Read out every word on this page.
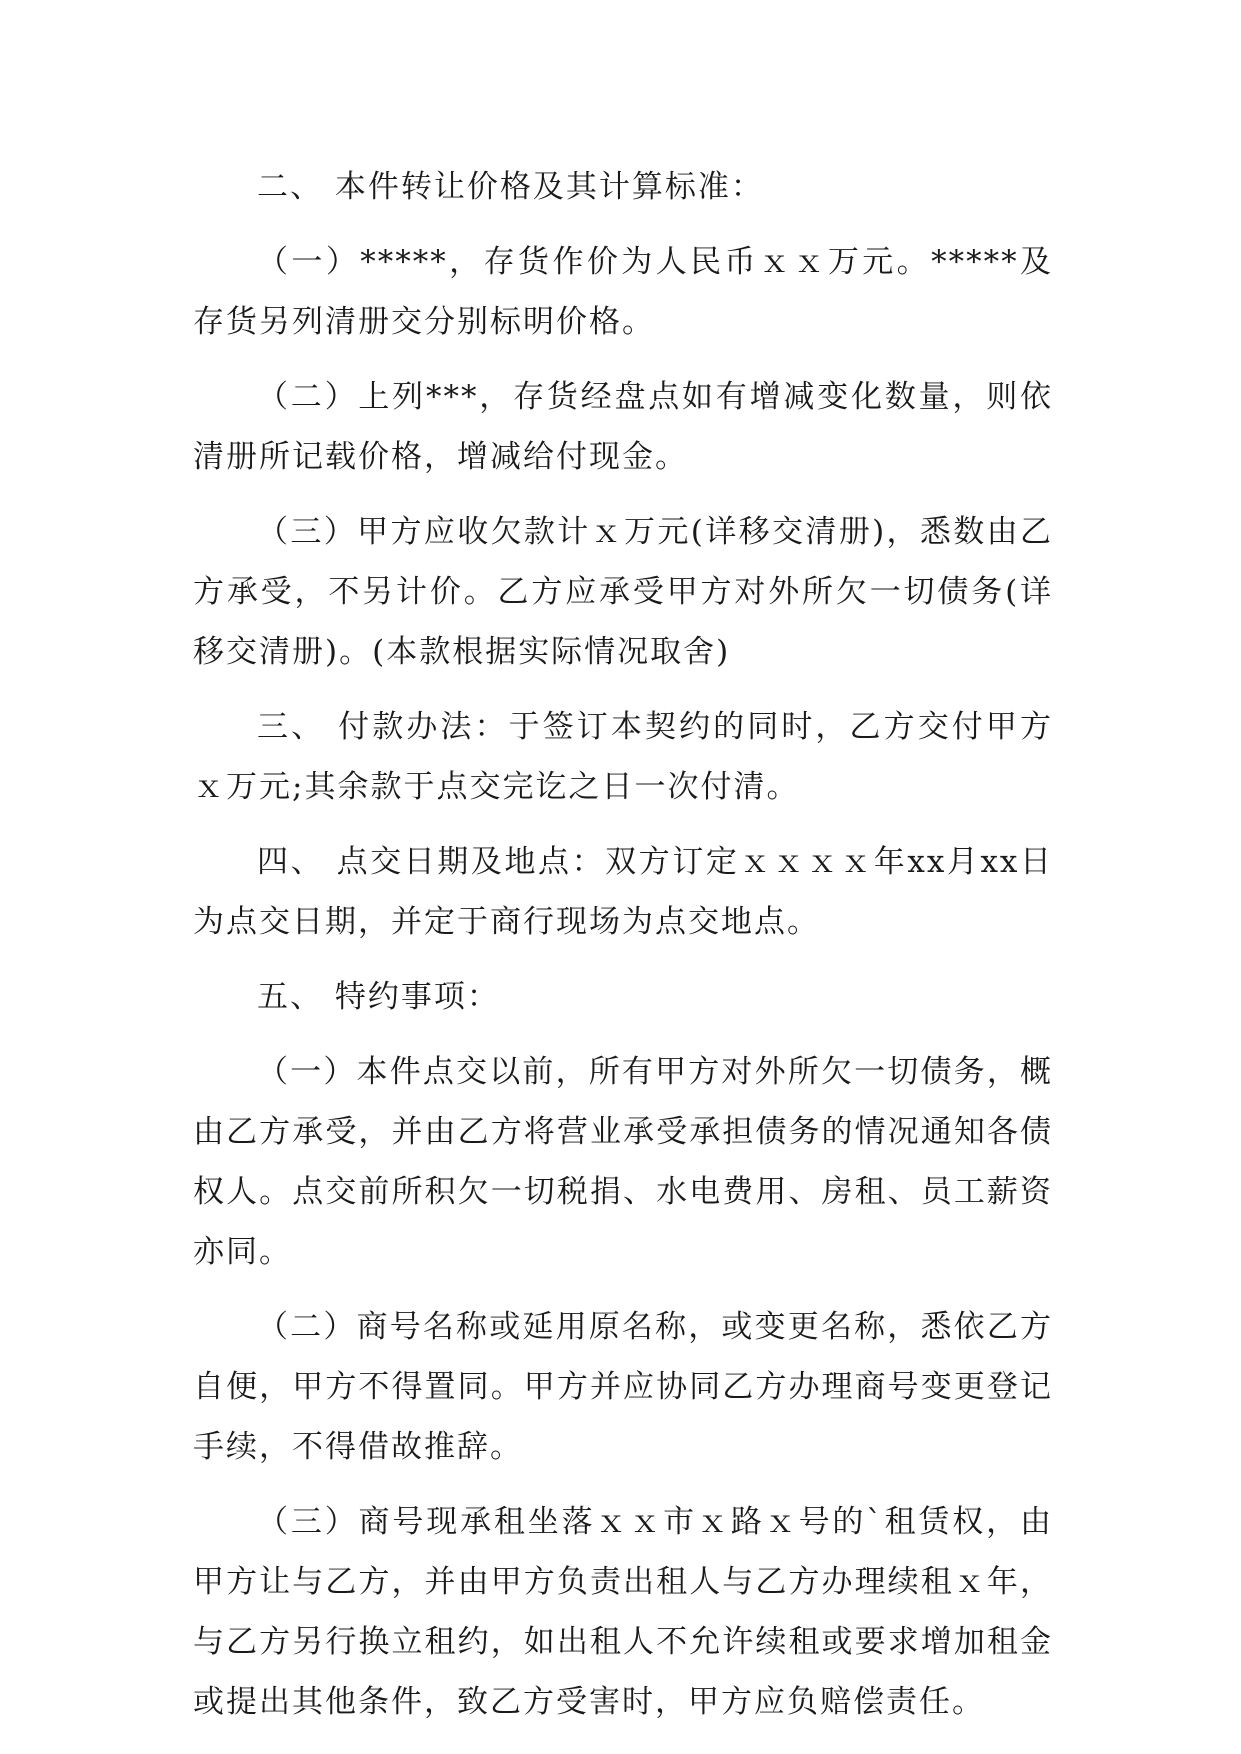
二、 本件转让价格及其计算标准：

（一）*****，存货作价为人民币ｘｘ万元。*****及存货另列清册交分别标明价格。

（二）上列***，存货经盘点如有增减变化数量，则依清册所记载价格，增减给付现金。

（三）甲方应收欠款计ｘ万元(详移交清册)，悉数由乙方承受，不另计价。乙方应承受甲方对外所欠一切债务(详移交清册)。(本款根据实际情况取舍)

三、 付款办法：于签订本契约的同时，乙方交付甲方ｘ万元;其余款于点交完讫之日一次付清。

四、 点交日期及地点：双方订定ｘｘｘｘ年xx月xx日为点交日期，并定于商行现场为点交地点。

五、 特约事项：

（一）本件点交以前，所有甲方对外所欠一切债务，概由乙方承受，并由乙方将营业承受承担债务的情况通知各债权人。点交前所积欠一切税捐、水电费用、房租、员工薪资亦同。

（二）商号名称或延用原名称，或变更名称，悉依乙方自便，甲方不得置同。甲方并应协同乙方办理商号变更登记手续，不得借故推辞。

（三）商号现承租坐落ｘｘ市ｘ路ｘ号的`租赁权，由甲方让与乙方，并由甲方负责出租人与乙方办理续租ｘ年，与乙方另行换立租约，如出租人不允许续租或要求增加租金或提出其他条件，致乙方受害时，甲方应负赔偿责任。
